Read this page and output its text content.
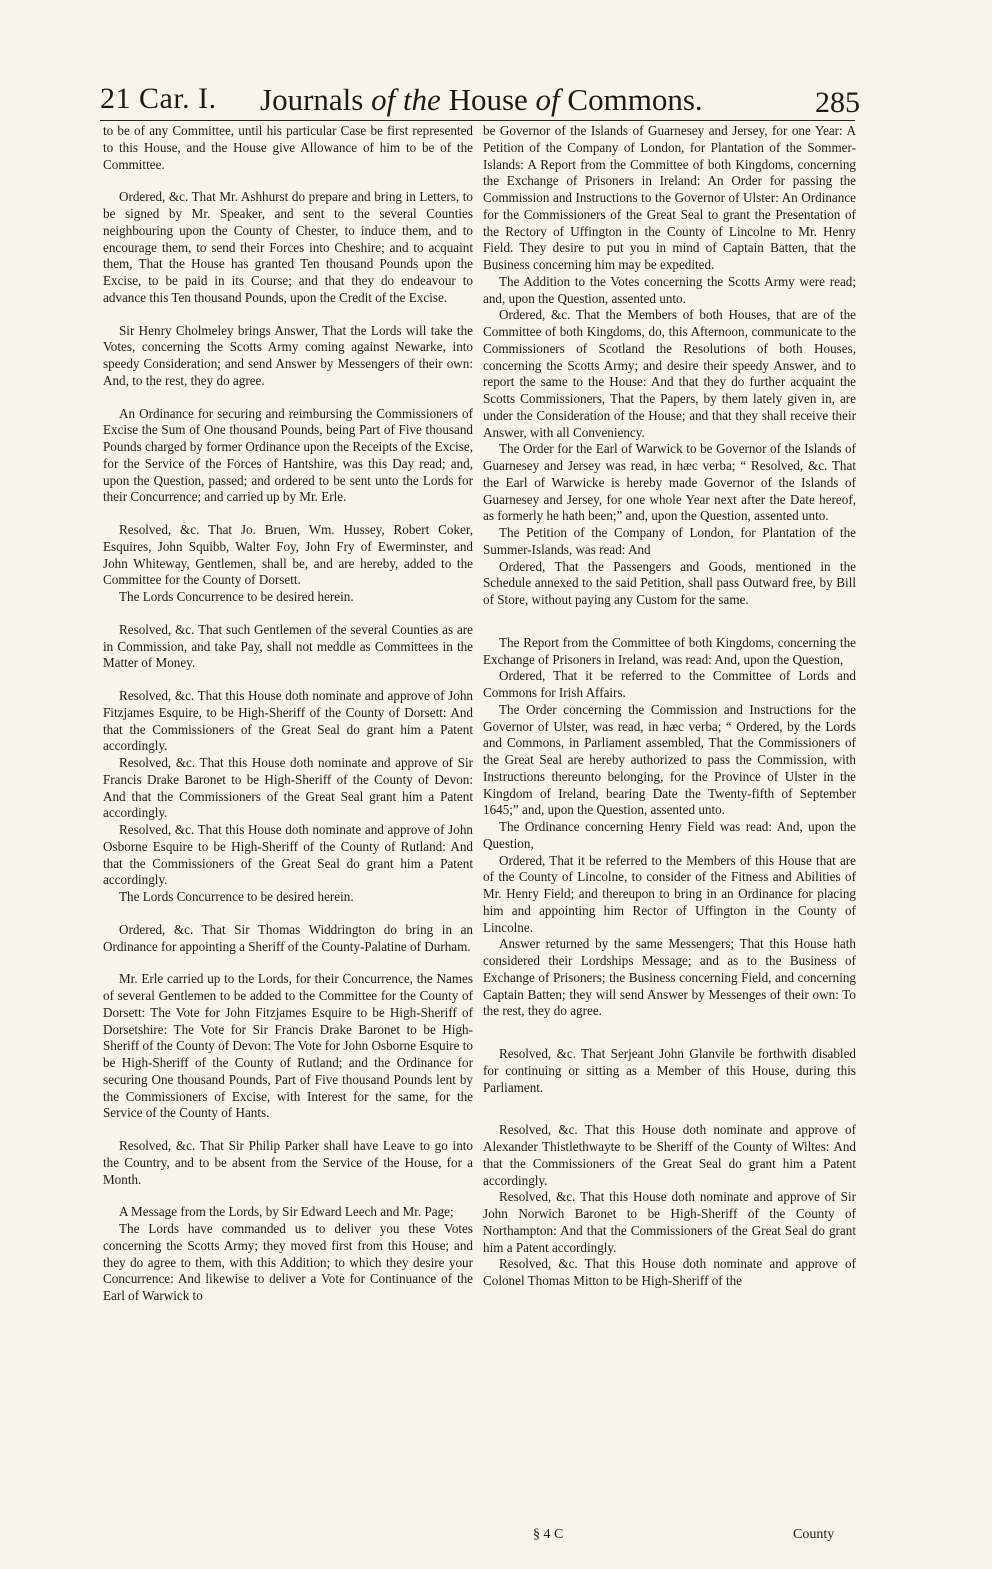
21 Car. I. Journals of the House of Commons.	285

to be of any Committee, until his particular Case be first represented to this House, and the House give Allowance of him to be of the Committee.

Ordered, &c. That Mr. Ashhurst do prepare and bring in Letters, to be signed by Mr. Speaker, and sent to the several Counties neighbouring upon the County of Chester, to induce them, and to encourage them, to send their Forces into Cheshire; and to acquaint them, That the House has granted Ten thousand Pounds upon the Excise, to be paid in its Course; and that they do endeavour to advance this Ten thousand Pounds, upon the Credit of the Excise.

Sir Henry Cholmeley brings Answer, That the Lords will take the Votes, concerning the Scotts Army coming against Newarke, into speedy Consideration; and send Answer by Messengers of their own: And, to the rest, they do agree.

An Ordinance for securing and reimbursing the Commissioners of Excise the Sum of One thousand Pounds, being Part of Five thousand Pounds charged by former Ordinance upon the Receipts of the Excise, for the Service of the Forces of Hantshire, was this Day read; and, upon the Question, passed; and ordered to be sent unto the Lords for their Concurrence; and carried up by Mr. Erle.

Resolved, &c. That Jo. Bruen, Wm. Hussey, Robert Coker, Esquires, John Squibb, Walter Foy, John Fry of Ewerminster, and John Whiteway, Gentlemen, shall be, and are hereby, added to the Committee for the County of Dorsett.

The Lords Concurrence to be desired herein.

Resolved, &c. That such Gentlemen of the several Counties as are in Commission, and take Pay, shall not meddle as Committees in the Matter of Money.

Resolved, &c. That this House doth nominate and approve of John Fitzjames Esquire, to be High-Sheriff of the County of Dorsett: And that the Commissioners of the Great Seal do grant him a Patent accordingly.

Resolved, &c. That this House doth nominate and approve of Sir Francis Drake Baronet to be High-Sheriff of the County of Devon: And that the Commissioners of the Great Seal grant him a Patent accordingly.

Resolved, &c. That this House doth nominate and approve of John Osborne Esquire to be High-Sheriff of the County of Rutland: And that the Commissioners of the Great Seal do grant him a Patent accordingly.

The Lords Concurrence to be desired herein.

Ordered, &c. That Sir Thomas Widdrington do bring in an Ordinance for appointing a Sheriff of the County-Palatine of Durham.

Mr. Erle carried up to the Lords, for their Concurrence, the Names of several Gentlemen to be added to the Committee for the County of Dorsett: The Vote for John Fitzjames Esquire to be High-Sheriff of Dorsetshire: The Vote for Sir Francis Drake Baronet to be High-Sheriff of the County of Devon: The Vote for John Osborne Esquire to be High-Sheriff of the County of Rutland; and the Ordinance for securing One thousand Pounds, Part of Five thousand Pounds lent by the Commissioners of Excise, with Interest for the same, for the Service of the County of Hants.

Resolved, &c. That Sir Philip Parker shall have Leave to go into the Country, and to be absent from the Service of the House, for a Month.

A Message from the Lords, by Sir Edward Leech and Mr. Page;

The Lords have commanded us to deliver you these Votes concerning the Scotts Army; they moved first from this House; and they do agree to them, with this Addition; to which they desire your Concurrence: And likewise to deliver a Vote for Continuance of the Earl of Warwick to

be Governor of the Islands of Guarnesey and Jersey, for one Year: A Petition of the Company of London, for Plantation of the Sommer-Islands: A Report from the Committee of both Kingdoms, concerning the Exchange of Prisoners in Ireland: An Order for passing the Commission and Instructions to the Governor of Ulster: An Ordinance for the Commissioners of the Great Seal to grant the Presentation of the Rectory of Uffington in the County of Lincolne to Mr. Henry Field. They desire to put you in mind of Captain Batten, that the Business concerning him may be expedited.

The Addition to the Votes concerning the Scotts Army were read; and, upon the Question, assented unto.

Ordered, &c. That the Members of both Houses, that are of the Committee of both Kingdoms, do, this Afternoon, communicate to the Commissioners of Scotland the Resolutions of both Houses, concerning the Scotts Army; and desire their speedy Answer, and to report the same to the House: And that they do further acquaint the Scotts Commissioners, That the Papers, by them lately given in, are under the Consideration of the House; and that they shall receive their Answer, with all Conveniency.

The Order for the Earl of Warwick to be Governor of the Islands of Guarnesey and Jersey was read, in hæc verba; “ Resolved, &c. That the Earl of Warwicke is hereby made Governor of the Islands of Guarnesey and Jersey, for one whole Year next after the Date hereof, as formerly he hath been;” and, upon the Question, assented unto.

The Petition of the Company of London, for Plantation of the Summer-Islands, was read: And

Ordered, That the Passengers and Goods, mentioned in the Schedule annexed to the said Petition, shall pass Outward free, by Bill of Store, without paying any Custom for the same.

The Report from the Committee of both Kingdoms, concerning the Exchange of Prisoners in Ireland, was read: And, upon the Question,

Ordered, That it be referred to the Committee of Lords and Commons for Irish Affairs.

The Order concerning the Commission and Instructions for the Governor of Ulster, was read, in hæc verba; “ Ordered, by the Lords and Commons, in Parliament assembled, That the Commissioners of the Great Seal are hereby authorized to pass the Commission, with Instructions thereunto belonging, for the Province of Ulster in the Kingdom of Ireland, bearing Date the Twenty-fifth of September 1645;” and, upon the Question, assented unto.

The Ordinance concerning Henry Field was read: And, upon the Question,

Ordered, That it be referred to the Members of this House that are of the County of Lincolne, to consider of the Fitness and Abilities of Mr. Henry Field; and thereupon to bring in an Ordinance for placing him and appointing him Rector of Uffington in the County of Lincolne.

Answer returned by the same Messengers; That this House hath considered their Lordships Message; and as to the Business of Exchange of Prisoners; the Business concerning Field, and concerning Captain Batten; they will send Answer by Messenges of their own: To the rest, they do agree.

Resolved, &c. That Serjeant John Glanvile be forthwith disabled for continuing or sitting as a Member of this House, during this Parliament.

Resolved, &c. That this House doth nominate and approve of Alexander Thistlethwayte to be Sheriff of the County of Wiltes: And that the Commissioners of the Great Seal do grant him a Patent accordingly.

Resolved, &c. That this House doth nominate and approve of Sir John Norwich Baronet to be High-Sheriff of the County of Northampton: And that the Commissioners of the Great Seal do grant him a Patent accordingly.

Resolved, &c. That this House doth nominate and approve of Colonel Thomas Mitton to be High-Sheriff of the

§ 4 C	County
